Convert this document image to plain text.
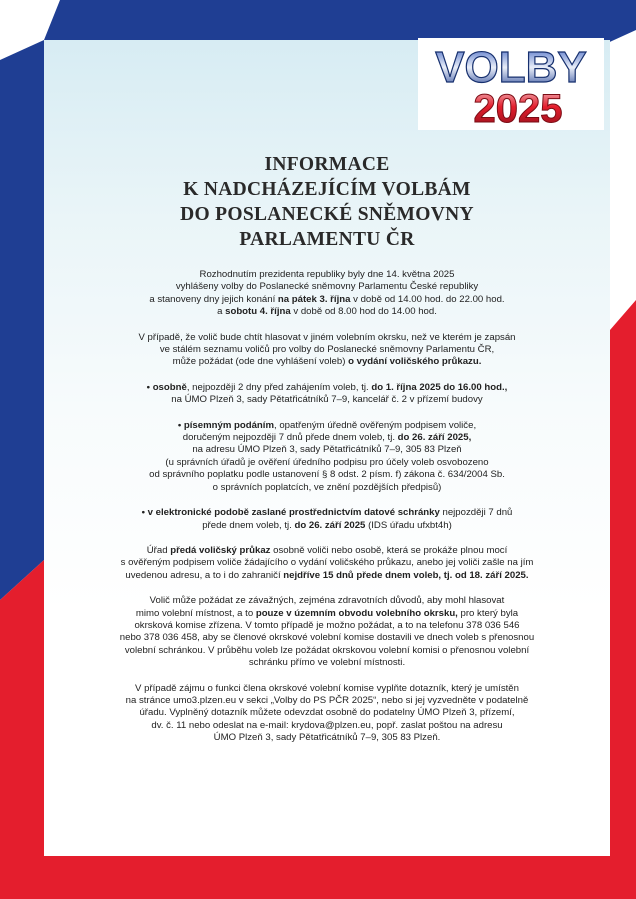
VOLBY
2025
INFORMACE
K NADCHÁZEJÍCÍM VOLBÁM
DO POSLANECKÉ SNĚMOVNY
PARLAMENTU ČR

Rozhodnutím prezidenta republiky byly dne 14. května 2025
vyhlášeny volby do Poslanecké sněmovny Parlamentu České republiky
a stanoveny dny jejich konání na pátek 3. října v době od 14.00 hod. do 22.00 hod.
a sobotu 4. října v době od 8.00 hod do 14.00 hod.

V případě, že volič bude chtít hlasovat v jiném volebním okrsku, než ve kterém je zapsán
ve stálém seznamu voličů pro volby do Poslanecké sněmovny Parlamentu ČR,
může požádat (ode dne vyhlášení voleb) o vydání voličského průkazu.

• osobně, nejpozději 2 dny před zahájením voleb, tj. do 1. října 2025 do 16.00 hod.,
na ÚMO Plzeň 3, sady Pětatřicátníků 7–9, kancelář č. 2 v přízemí budovy

• písemným podáním, opatřeným úředně ověřeným podpisem voliče,
doručeným nejpozději 7 dnů přede dnem voleb, tj. do 26. září 2025,
na adresu ÚMO Plzeň 3, sady Pětatřicátníků 7–9, 305 83 Plzeň
(u správních úřadů je ověření úředního podpisu pro účely voleb osvobozeno
od správního poplatku podle ustanovení § 8 odst. 2 písm. f) zákona č. 634/2004 Sb.
o správních poplatcích, ve znění pozdějších předpisů)

• v elektronické podobě zaslané prostřednictvím datové schránky nejpozději 7 dnů
přede dnem voleb, tj. do 26. září 2025 (IDS úřadu ufxbt4h)

Úřad předá voličský průkaz osobně voliči nebo osobě, která se prokáže plnou mocí
s ověřeným podpisem voliče žádajícího o vydání voličského průkazu, anebo jej voliči zašle na jím
uvedenou adresu, a to i do zahraničí nejdříve 15 dnů přede dnem voleb, tj. od 18. září 2025.

Volič může požádat ze závažných, zejména zdravotních důvodů, aby mohl hlasovat
mimo volební místnost, a to pouze v územním obvodu volebního okrsku, pro který byla
okrsková komise zřízena. V tomto případě je možno požádat, a to na telefonu 378 036 546
nebo 378 036 458, aby se členové okrskové volební komise dostavili ve dnech voleb s přenosnou
volební schránkou. V průběhu voleb lze požádat okrskovou volební komisi o přenosnou volební
schránku přímo ve volební místnosti.

V případě zájmu o funkci člena okrskové volební komise vyplňte dotazník, který je umístěn
na stránce umo3.plzen.eu v sekci „Volby do PS PČR 2025“, nebo si jej vyzvedněte v podatelně
úřadu. Vyplněný dotazník můžete odevzdat osobně do podatelny ÚMO Plzeň 3, přízemí,
dv. č. 11 nebo odeslat na e-mail: krydova@plzen.eu, popř. zaslat poštou na adresu
ÚMO Plzeň 3, sady Pětatřicátníků 7–9, 305 83 Plzeň.
